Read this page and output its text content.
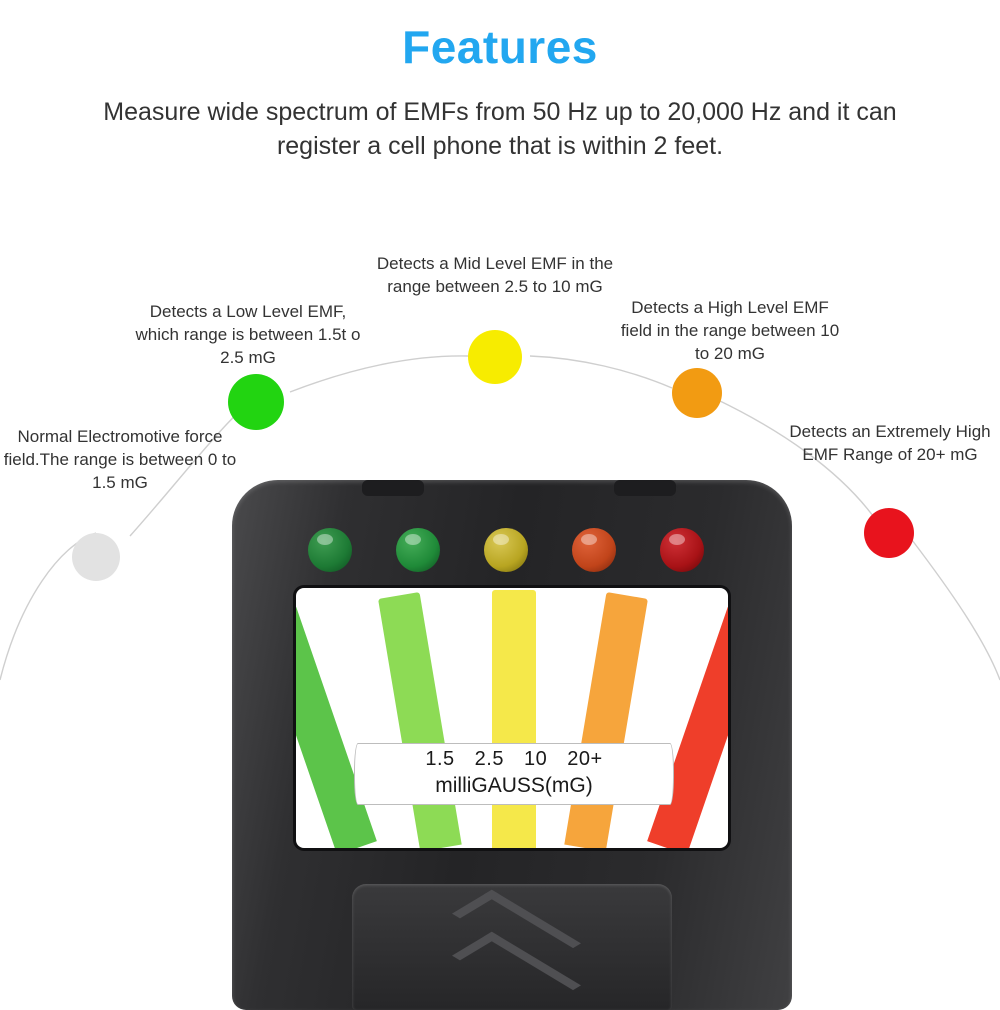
Features
Measure wide spectrum of EMFs from 50 Hz up to 20,000 Hz and it can register a cell phone that is within 2 feet.
Normal Electromotive force field.The range is between 0 to 1.5 mG
Detects a Low Level EMF, which range is between 1.5t o 2.5 mG
Detects a Mid Level EMF in the range between 2.5 to 10 mG
Detects a High Level EMF field in the range between 10 to 20 mG
Detects an Extremely High EMF Range of 20+ mG
1.5 2.5 10 20+
milliGAUSS(mG)
